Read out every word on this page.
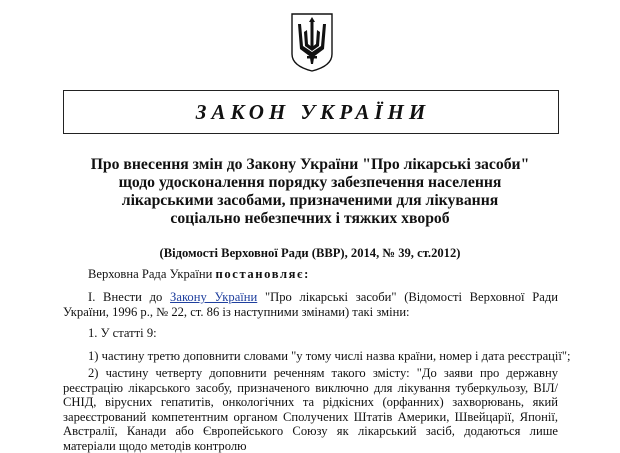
ЗАКОН УКРАЇНИ
Про внесення змін до Закону України "Про лікарські засоби"
щодо удосконалення порядку забезпечення населення
лікарськими засобами, призначеними для лікування
соціально небезпечних і тяжких хвороб
(Відомості Верховної Ради (ВВР), 2014, № 39, ст.2012)
Верховна Рада України постановляє:
І. Внести до Закону України "Про лікарські засоби" (Відомості Верховної Ради України, 1996 р., № 22, ст. 86 із наступними змінами) такі зміни:
1. У статті 9:
1) частину третю доповнити словами "у тому числі назва країни, номер і дата реєстрації";
2) частину четверту доповнити реченням такого змісту: "До заяви про державну реєстрацію лікарського засобу, призначеного виключно для лікування туберкульозу, ВІЛ/СНІД, вірусних гепатитів, онкологічних та рідкісних (орфанних) захворювань, який зареєстрований компетентним органом Сполучених Штатів Америки, Швейцарії, Японії, Австралії, Канади або Європейського Союзу як лікарський засіб, додаються лише матеріали щодо методів контролю
